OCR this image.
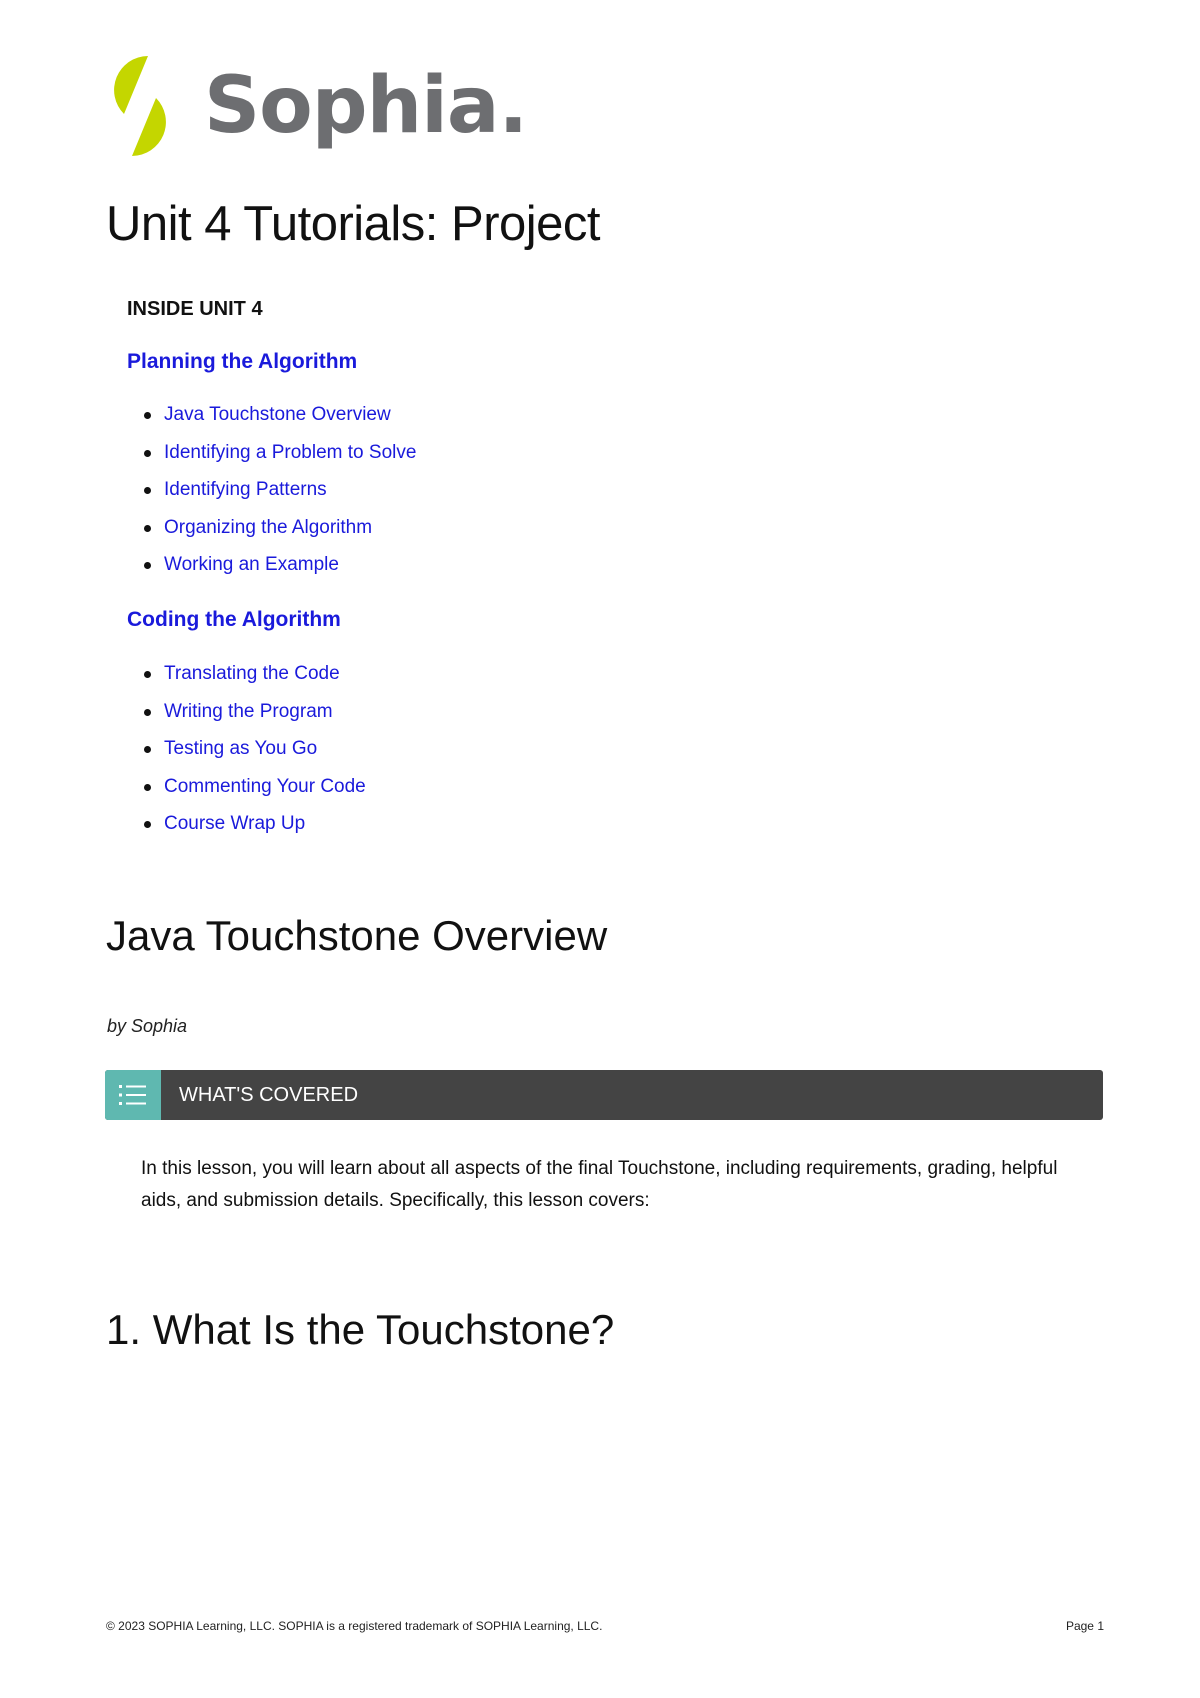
Sophia.
Unit 4 Tutorials: Project
INSIDE UNIT 4
Planning the Algorithm
Java Touchstone Overview
Identifying a Problem to Solve
Identifying Patterns
Organizing the Algorithm
Working an Example
Coding the Algorithm
Translating the Code
Writing the Program
Testing as You Go
Commenting Your Code
Course Wrap Up
Java Touchstone Overview
by Sophia
WHAT'S COVERED

In this lesson, you will learn about all aspects of the final Touchstone, including requirements, grading, helpful aids, and submission details. Specifically, this lesson covers:

1. What Is the Touchstone?
© 2023 SOPHIA Learning, LLC. SOPHIA is a registered trademark of SOPHIA Learning, LLC.	Page 1
